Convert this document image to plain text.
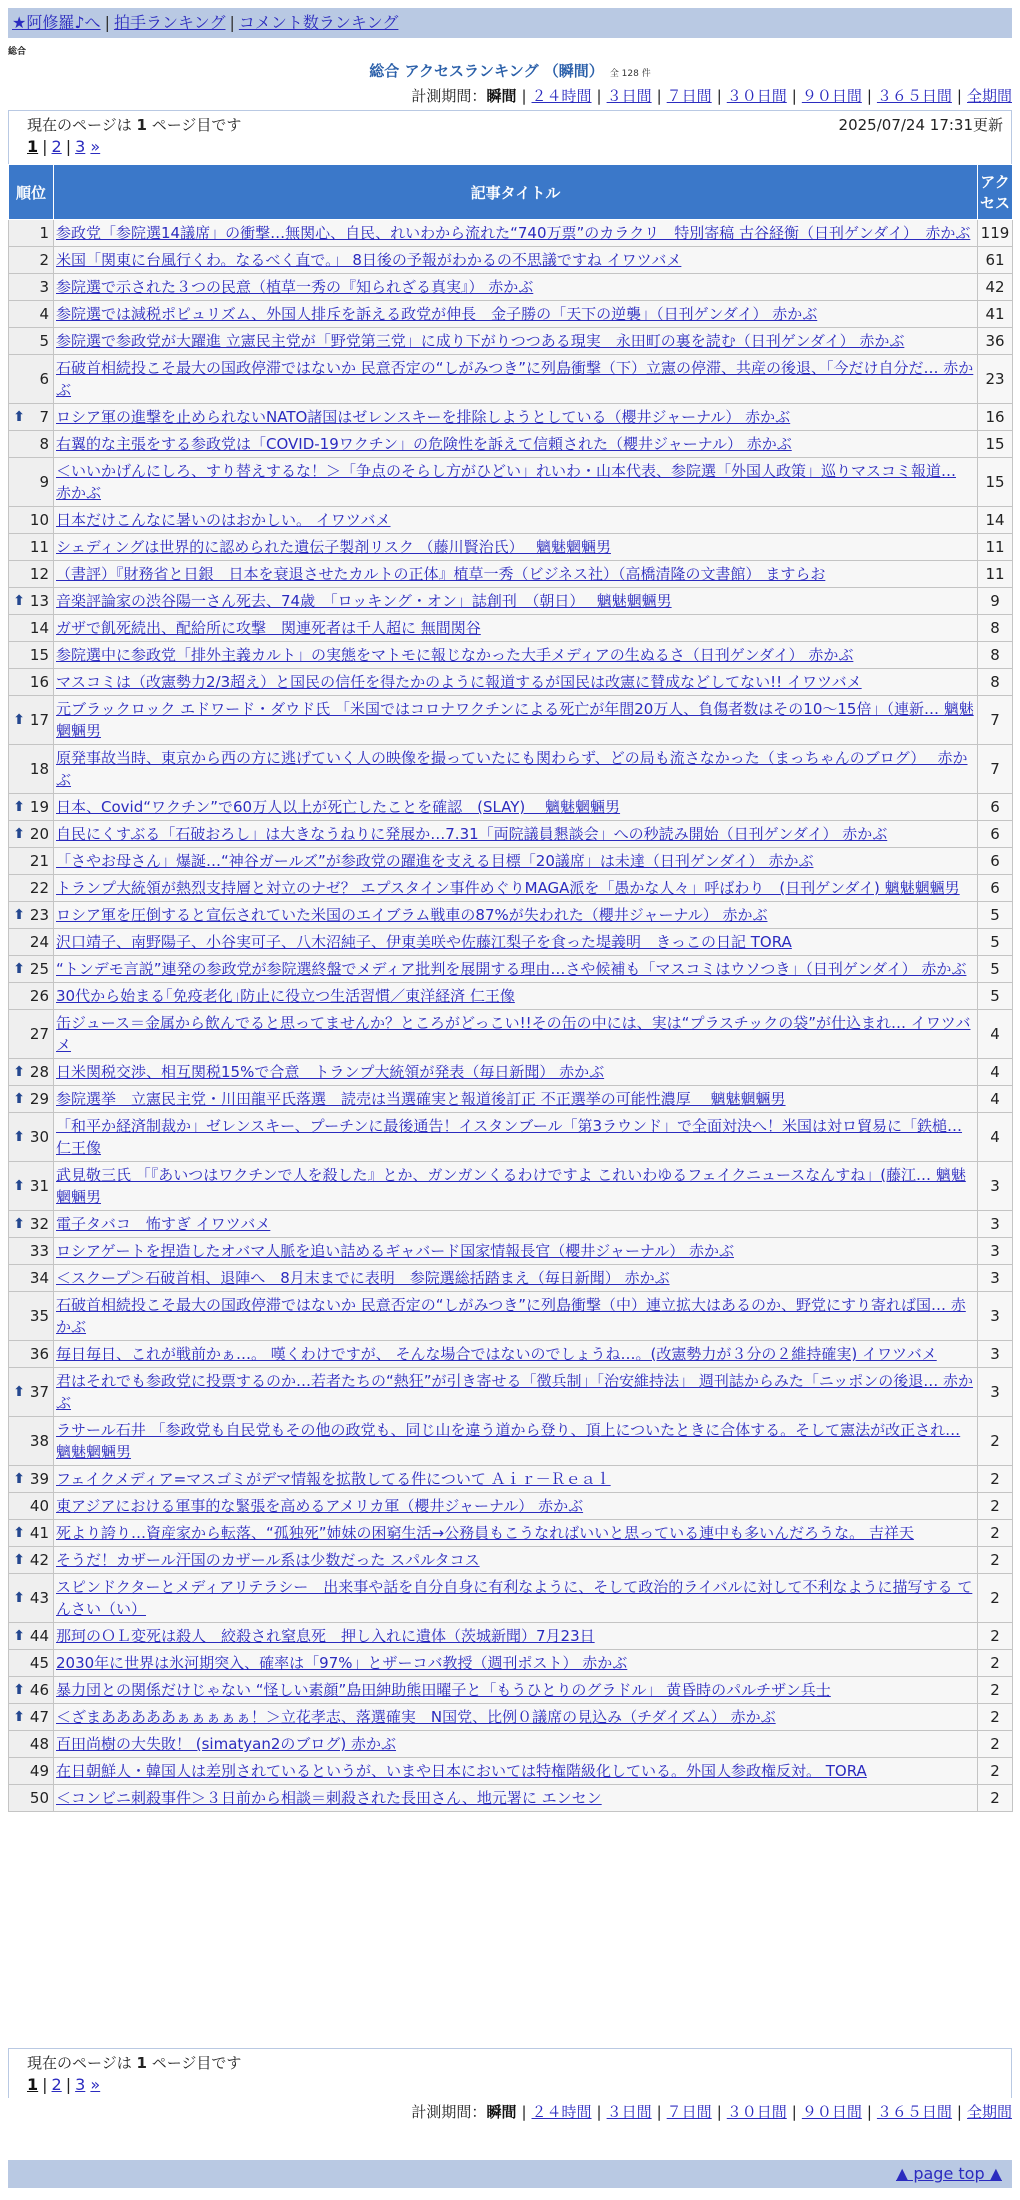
★阿修羅♪へ | 拍手ランキング | コメント数ランキング
総合
総合 アクセスランキング （瞬間） 全 128 件
計測期間：瞬間 | ２４時間 | ３日間 | ７日間 | ３０日間 | ９０日間 | ３６５日間 | 全期間
現在のページは 1 ページ目です
1 | 2 | 3 »
2025/07/24 17:31更新
順位	記事タイトル	アクセス
1	参政党「参院選14議席」の衝撃…無関心、自民、れいわから流れた“740万票”のカラクリ　特別寄稿 古谷経衡（日刊ゲンダイ）　赤かぶ	119
2	米国「関東に台風行くわ。なるべく直で。」 8日後の予報がわかるの不思議ですね イワツバメ	61
3	参院選で示された３つの民意（植草一秀の『知られざる真実』） 赤かぶ	42
4	参院選では減税ポピュリズム、外国人排斥を訴える政党が伸長　金子勝の「天下の逆襲」（日刊ゲンダイ） 赤かぶ	41
5	参院選で参政党が大躍進 立憲民主党が「野党第三党」に成り下がりつつある現実　永田町の裏を読む（日刊ゲンダイ） 赤かぶ	36
6	石破首相続投こそ最大の国政停滞ではないか 民意否定の“しがみつき”に列島衝撃（下）立憲の停滞、共産の後退、「今だけ自分だ… 赤かぶ	23

⬆ 7	ロシア軍の進撃を止められないNATO諸国はゼレンスキーを排除しようとしている（櫻井ジャーナル） 赤かぶ	16
8	右翼的な主張をする参政党は「COVID-19ワクチン」の危険性を訴えて信頼された（櫻井ジャーナル） 赤かぶ	15
9	＜いいかげんにしろ、すり替えするな！＞「争点のそらし方がひどい」れいわ・山本代表、参院選「外国人政策」巡りマスコミ報道… 赤かぶ	15
10	日本だけこんなに暑いのはおかしい。 イワツバメ	14
11	シェディングは世界的に認められた遺伝子製剤リスク （藤川賢治氏）　 魑魅魍魎男	11
12	（書評）『財務省と日銀　日本を衰退させたカルトの正体』植草一秀（ビジネス社）（高橋清隆の文書館） ますらお	11

⬆ 13	音楽評論家の渋谷陽一さん死去、74歳　「ロッキング・オン」誌創刊　（朝日）　 魑魅魍魎男	9
14	ガザで飢死続出、配給所に攻撃　関連死者は千人超に 無間関谷	8
15	参院選中に参政党「排外主義カルト」の実態をマトモに報じなかった大手メディアの生ぬるさ（日刊ゲンダイ） 赤かぶ	8
16	マスコミは（改憲勢力2/3超え）と国民の信任を得たかのように報道するが国民は改憲に賛成などしてない!! イワツバメ	8

⬆ 17	元ブラックロック エドワード・ダウド氏 「米国ではコロナワクチンによる死亡が年間20万人、負傷者数はその10～15倍」（連新… 魑魅魍魎男	7
18	原発事故当時、東京から西の方に逃げていく人の映像を撮っていたにも関わらず、どの局も流さなかった（まっちゃんのブログ）　 赤かぶ	7

⬆ 19	日本、Covid“ワクチン”で60万人以上が死亡したことを確認　(SLAY)　 魑魅魍魎男	6

⬆ 20	自民にくすぶる「石破おろし」は大きなうねりに発展か…7.31「両院議員懇談会」への秒読み開始（日刊ゲンダイ） 赤かぶ	6
21	「さやお母さん」爆誕…“神谷ガールズ”が参政党の躍進を支える目標「20議席」は未達（日刊ゲンダイ） 赤かぶ	6
22	トランプ大統領が熱烈支持層と対立のナゼ？ エプスタイン事件めぐりMAGA派を「愚かな人々」呼ばわり　(日刊ゲンダイ) 魑魅魍魎男	6

⬆ 23	ロシア軍を圧倒すると宣伝されていた米国のエイブラム戦車の87%が失われた（櫻井ジャーナル） 赤かぶ	5
24	沢口靖子、南野陽子、小谷実可子、八木沼純子、伊東美咲や佐藤江梨子を食った堤義明　きっこの日記 TORA	5

⬆ 25	“トンデモ言説”連発の参政党が参院選終盤でメディア批判を展開する理由…さや候補も「マスコミはウソつき」（日刊ゲンダイ） 赤かぶ	5
26	30代から始まる｢免疫老化｣防止に役立つ生活習慣／東洋経済 仁王像	5
27	缶ジュース＝金属から飲んでると思ってませんか？ところがどっこい!!その缶の中には、実は“プラスチックの袋”が仕込まれ… イワツバメ	4

⬆ 28	日米関税交渉、相互関税15%で合意　トランプ大統領が発表（毎日新聞） 赤かぶ	4

⬆ 29	参院選挙　立憲民主党・川田龍平氏落選　読売は当選確実と報道後訂正 不正選挙の可能性濃厚　 魑魅魍魎男	4

⬆ 30	「和平か経済制裁か」ゼレンスキー、プーチンに最後通告！イスタンブール「第3ラウンド」で全面対決へ！米国は対ロ貿易に「鉄槌… 仁王像	4

⬆ 31	武見敬三氏 「『あいつはワクチンで人を殺した』とか、ガンガンくるわけですよ これいわゆるフェイクニュースなんすね」(藤江… 魑魅魍魎男	3

⬆ 32	電子タバコ　怖すぎ イワツバメ	3
33	ロシアゲートを捏造したオバマ人脈を追い詰めるギャバード国家情報長官（櫻井ジャーナル） 赤かぶ	3
34	＜スクープ＞石破首相、退陣へ　8月末までに表明　参院選総括踏まえ（毎日新聞） 赤かぶ	3
35	石破首相続投こそ最大の国政停滞ではないか 民意否定の“しがみつき”に列島衝撃（中）連立拡大はあるのか、野党にすり寄れば国… 赤かぶ	3
36	毎日毎日、これが戦前かぁ…。 嘆くわけですが、 そんな場合ではないのでしょうね…。(改憲勢力が３分の２維持確実) イワツバメ	3

⬆ 37	君はそれでも参政党に投票するのか…若者たちの“熱狂”が引き寄せる「徴兵制」「治安維持法」 週刊誌からみた「ニッポンの後退… 赤かぶ	3
38	ラサール石井 「参政党も自民党もその他の政党も、同じ山を違う道から登り、頂上についたときに合体する。そして憲法が改正され… 魑魅魍魎男	2

⬆ 39	フェイクメディア=マスゴミがデマ情報を拡散してる件について Ａｉｒ－Ｒｅａｌ	2
40	東アジアにおける軍事的な緊張を高めるアメリカ軍（櫻井ジャーナル） 赤かぶ	2

⬆ 41	死より誇り…資産家から転落、“孤独死”姉妹の困窮生活→公務員もこうなればいいと思っている連中も多いんだろうな。 吉祥天	2

⬆ 42	そうだ！カザール汗国のカザール系は少数だった スパルタコス	2

⬆ 43	スピンドクターとメディアリテラシー　出来事や話を自分自身に有利なように、そして政治的ライバルに対して不利なように描写する てんさい（い）	2

⬆ 44	那珂のＯＬ変死は殺人　絞殺され窒息死　押し入れに遺体（茨城新聞）7月23日	2
45	2030年に世界は氷河期突入、確率は「97%」とザーコバ教授（週刊ポスト） 赤かぶ	2

⬆ 46	暴力団との関係だけじゃない “怪しい素顔”島田紳助熊田曜子と「もうひとりのグラドル」 黄昏時のパルチザン兵士	2

⬆ 47	＜ざまあああああぁぁぁぁぁ！＞立花孝志、落選確実　N国党、比例０議席の見込み（チダイズム） 赤かぶ	2
48	百田尚樹の大失敗！ (simatyan2のブログ) 赤かぶ	2
49	在日朝鮮人・韓国人は差別されているというが、いまや日本においては特権階級化している。外国人参政権反対。 TORA	2
50	＜コンビニ刺殺事件＞３日前から相談＝刺殺された長田さん、地元署に エンセン	2
現在のページは 1 ページ目です
1 | 2 | 3 »
計測期間：瞬間 | ２４時間 | ３日間 | ７日間 | ３０日間 | ９０日間 | ３６５日間 | 全期間
▲ page top ▲
